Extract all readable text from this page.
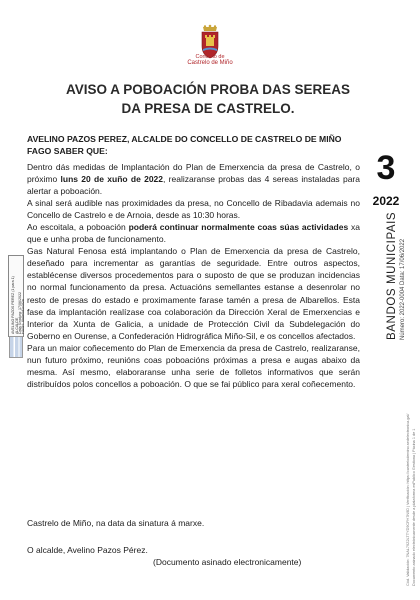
Concello de
Castrelo de Miño
AVISO A POBOACIÓN PROBA DAS SEREAS
DA PRESA DE CASTRELO.
AVELINO PAZOS PEREZ, ALCALDE DO CONCELLO DE CASTRELO DE MIÑO
FAGO SABER QUE:

Dentro dás medidas de Implantación do Plan de Emerxencia da presa de Castrelo, o próximo luns 20 de xuño de 2022, realizaranse probas das 4 sereas instaladas para alertar a poboación.

A sinal será audible nas proximidades da presa, no Concello de Ribadavia ademais no Concello de Castrelo e de Arnoia, desde as 10:30 horas.

Ao escoitala, a poboación poderá continuar normalmente coas súas actividades xa que e unha proba de funcionamento.

Gas Natural Fenosa está implantando o Plan de Emerxencia da presa de Castrelo, deseñado para incrementar as garantías de seguridade. Entre outros aspectos, establécense diversos procedementos para o suposto de que se produzan incidencias no normal funcionamento da presa. Actuacións semellantes estanse a desenrolar no resto de presas do estado e proximamente farase tamén a presa de Albarellos. Esta fase da implantación realízase coa colaboración da Dirección Xeral de Emerxencias e Interior da Xunta de Galicia, a unidade de Protección Civil da Subdelegación do Goberno en Ourense, a Confederación Hidrográfica Miño-Sil, e os concellos afectados.

Para un maior coñecemento do Plan de Emerxencia da presa de Castrelo, realizaranse, nun futuro próximo, reunións coas poboacións próximas a presa e augas abaixo da mesma. Así mesmo, elaboraranse unha serie de folletos informativos que serán distribuídos polos concellos a poboación. O que se fai público para xeral coñecemento.

Castrelo de Miño, na data da sinatura á marxe.
O alcalde, Avelino Pazos Pérez.
(Documento asinado electronicamente)
3
2022
BANDOS MUNICIPAIS Número: 2022-0004 Data: 17/06/2022
Cód. Validación: 7NAL79Z2LTTYD9CFH7N9D | Verificación: https://castrelodemino.sedelectronica.gal/ Documento asinado electrónicamente desde a plataforma esPublico Gestiona | Páxina 1 de 1
AVELINO PAZOS PEREZ (1 para 1) ALCALDE Data Sinatura: 17/06/2022 HASH: 6b8e5d1c3f2a
